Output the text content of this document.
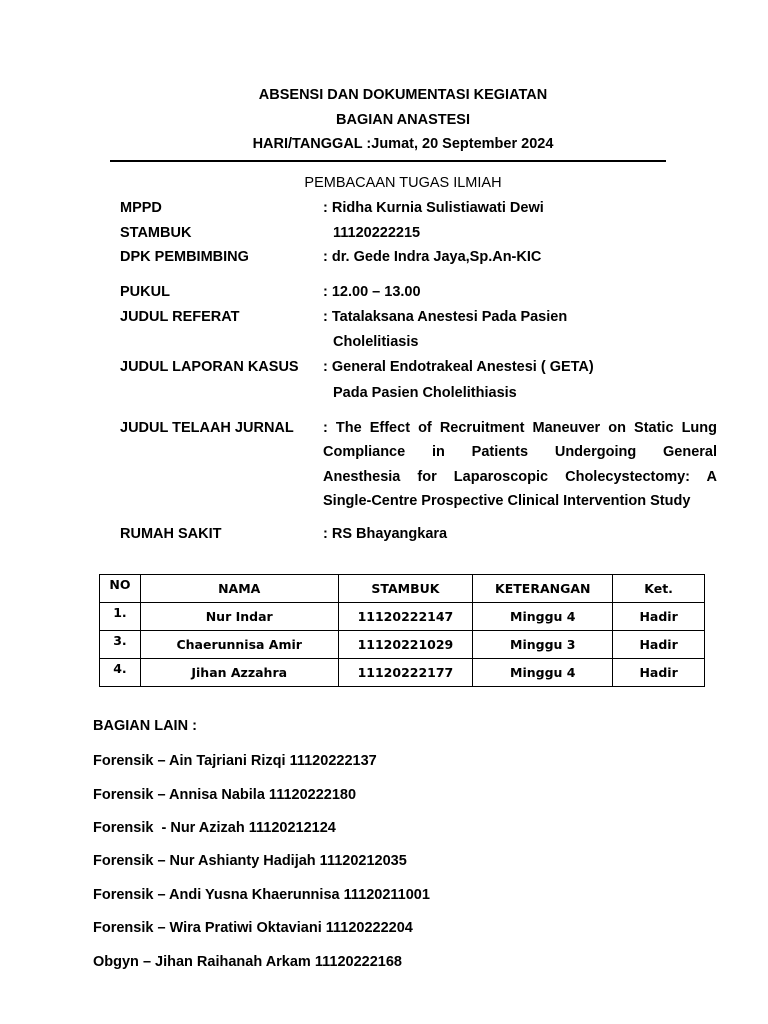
ABSENSI DAN DOKUMENTASI KEGIATAN
BAGIAN ANASTESI
HARI/TANGGAL :Jumat, 20 September 2024
PEMBACAAN TUGAS ILMIAH
MPPD	: Ridha Kurnia Sulistiawati Dewi
STAMBUK	11120222215
DPK PEMBIMBING	: dr. Gede Indra Jaya,Sp.An-KIC
PUKUL	: 12.00 – 13.00
JUDUL REFERAT	: Tatalaksana Anestesi Pada Pasien
Cholelitiasis
JUDUL LAPORAN KASUS : General Endotrakeal Anestesi ( GETA)
Pada Pasien Cholelithiasis
JUDUL TELAAH JURNAL : The Effect of Recruitment Maneuver on Static Lung
Compliance in Patients Undergoing General
Anesthesia for Laparoscopic Cholecystectomy: A
Single-Centre Prospective Clinical Intervention Study
RUMAH SAKIT	: RS Bhayangkara
NO	NAMA	STAMBUK	KETERANGAN	Ket.
1.	Nur Indar	11120222147	Minggu 4	Hadir
3.	Chaerunnisa Amir	11120221029	Minggu 3	Hadir
4.	Jihan Azzahra	11120222177	Minggu 4	Hadir
BAGIAN LAIN :
Forensik – Ain Tajriani Rizqi 11120222137
Forensik – Annisa Nabila 11120222180
Forensik  - Nur Azizah 11120212124
Forensik – Nur Ashianty Hadijah 11120212035
Forensik – Andi Yusna Khaerunnisa 11120211001
Forensik – Wira Pratiwi Oktaviani 11120222204
Obgyn – Jihan Raihanah Arkam 11120222168
